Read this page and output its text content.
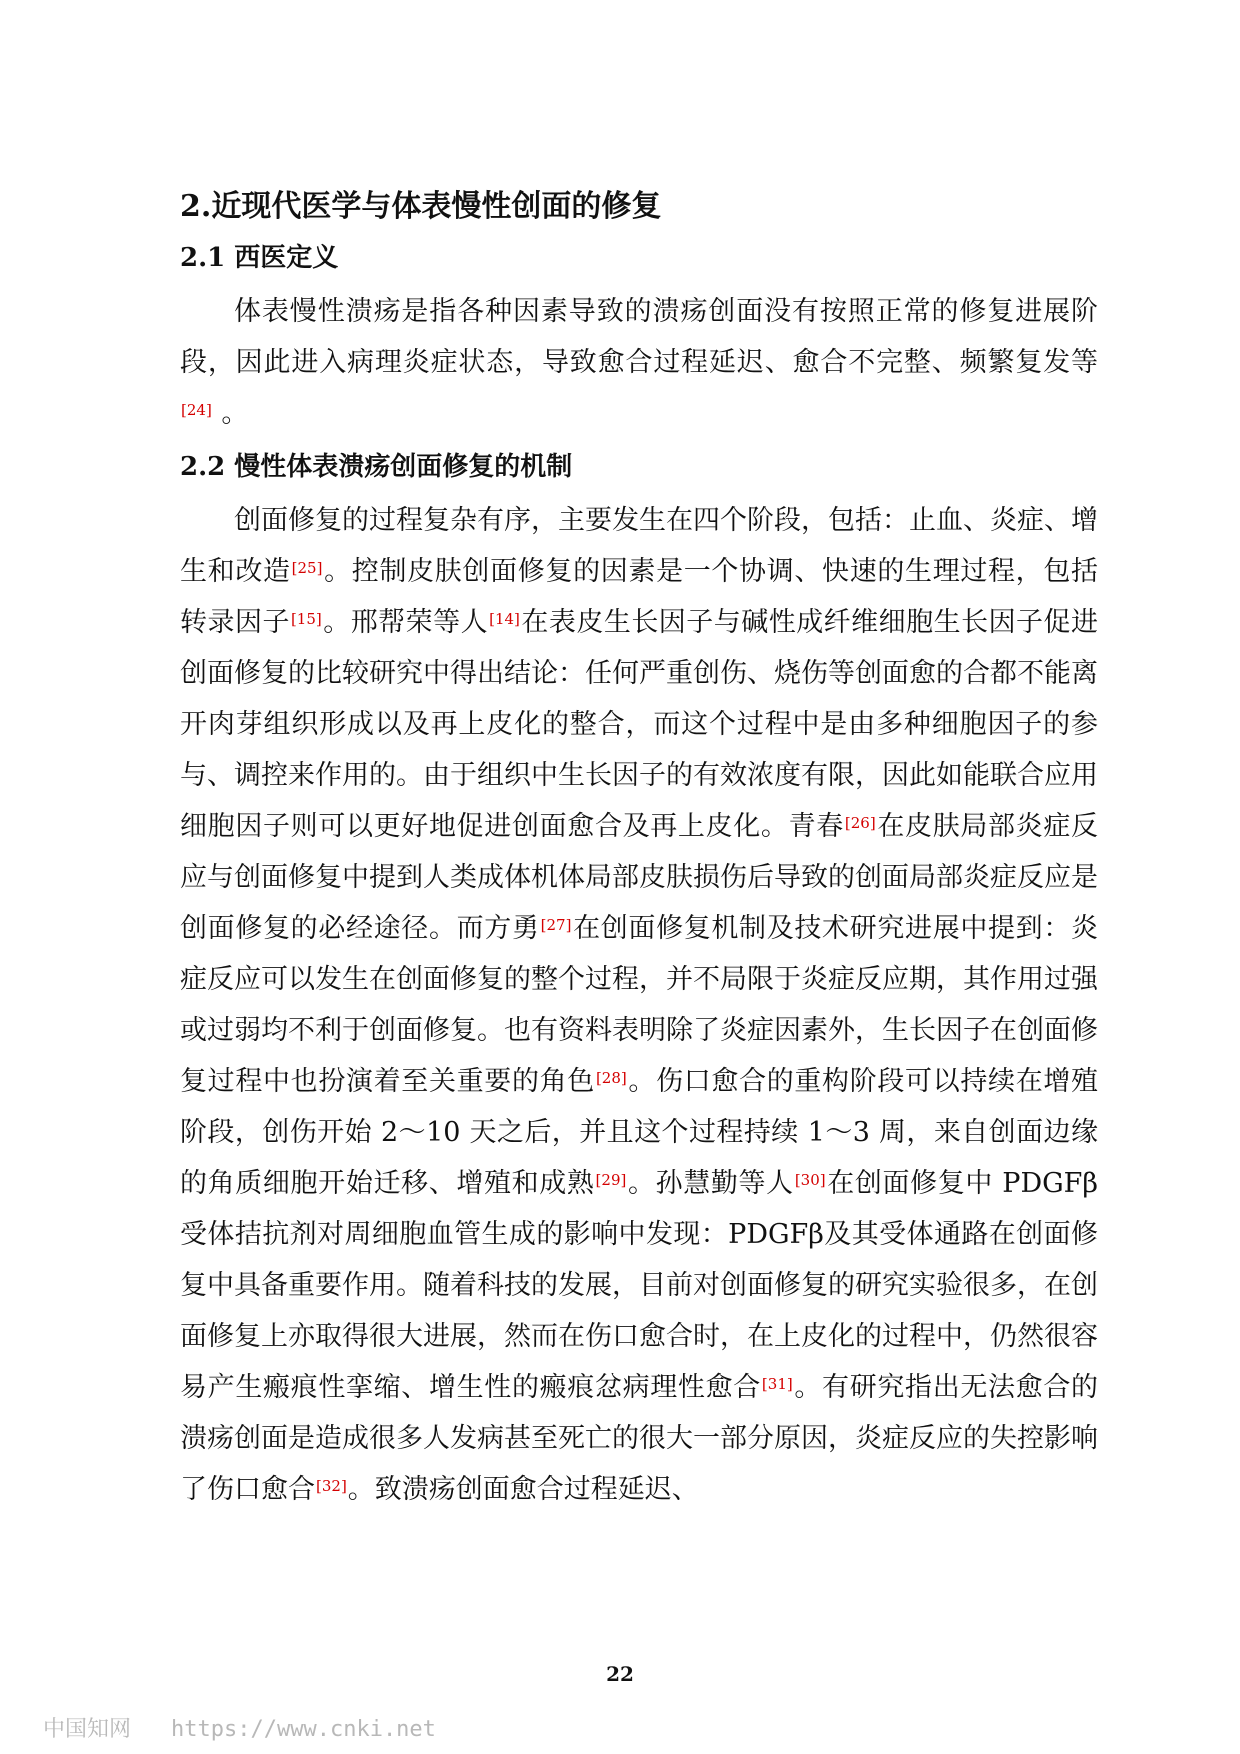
2.近现代医学与体表慢性创面的修复
2.1 西医定义

体表慢性溃疡是指各种因素导致的溃疡创面没有按照正常的修复进展阶段，因此进入病理炎症状态，导致愈合过程延迟、愈合不完整、频繁复发等[24] 。

2.2 慢性体表溃疡创面修复的机制

创面修复的过程复杂有序，主要发生在四个阶段，包括：止血、炎症、增生和改造[25]。控制皮肤创面修复的因素是一个协调、快速的生理过程，包括转录因子[15]。邢帮荣等人[14]在表皮生长因子与碱性成纤维细胞生长因子促进创面修复的比较研究中得出结论：任何严重创伤、烧伤等创面愈的合都不能离开肉芽组织形成以及再上皮化的整合，而这个过程中是由多种细胞因子的参与、调控来作用的。由于组织中生长因子的有效浓度有限，因此如能联合应用细胞因子则可以更好地促进创面愈合及再上皮化。青春[26]在皮肤局部炎症反应与创面修复中提到人类成体机体局部皮肤损伤后导致的创面局部炎症反应是创面修复的必经途径。而方勇[27]在创面修复机制及技术研究进展中提到：炎症反应可以发生在创面修复的整个过程，并不局限于炎症反应期，其作用过强或过弱均不利于创面修复。也有资料表明除了炎症因素外，生长因子在创面修复过程中也扮演着至关重要的角色[28]。伤口愈合的重构阶段可以持续在增殖阶段，创伤开始 2～10 天之后，并且这个过程持续 1～3 周，来自创面边缘的角质细胞开始迁移、增殖和成熟[29]。孙慧勤等人[30]在创面修复中 PDGFβ受体拮抗剂对周细胞血管生成的影响中发现：PDGFβ及其受体通路在创面修复中具备重要作用。随着科技的发展，目前对创面修复的研究实验很多，在创面修复上亦取得很大进展，然而在伤口愈合时，在上皮化的过程中，仍然很容易产生瘢痕性挛缩、增生性的瘢痕忿病理性愈合[31]。有研究指出无法愈合的溃疡创面是造成很多人发病甚至死亡的很大一部分原因，炎症反应的失控影响了伤口愈合[32]。致溃疡创面愈合过程延迟、

22
中国知网 https://www.cnki.net
